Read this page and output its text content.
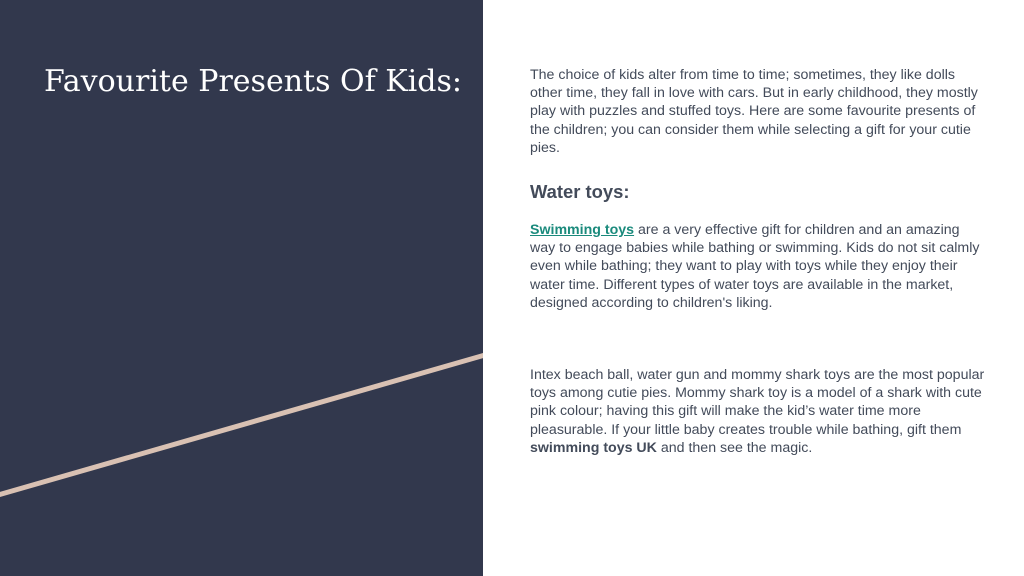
Favourite Presents Of Kids:	The choice of kids alter from time to time; sometimes, they like dolls other time, they fall in love with cars. But in early childhood, they mostly play with puzzles and stuffed toys. Here are some favourite presents of the children; you can consider them while selecting a gift for your cutie pies.

Water toys:

Swimming toys are a very effective gift for children and an amazing way to engage babies while bathing or swimming. Kids do not sit calmly even while bathing; they want to play with toys while they enjoy their water time. Different types of water toys are available in the market, designed according to children's liking.

Intex beach ball, water gun and mommy shark toys are the most popular toys among cutie pies. Mommy shark toy is a model of a shark with cute pink colour; having this gift will make the kid’s water time more pleasurable. If your little baby creates trouble while bathing, gift them swimming toys UK and then see the magic.
